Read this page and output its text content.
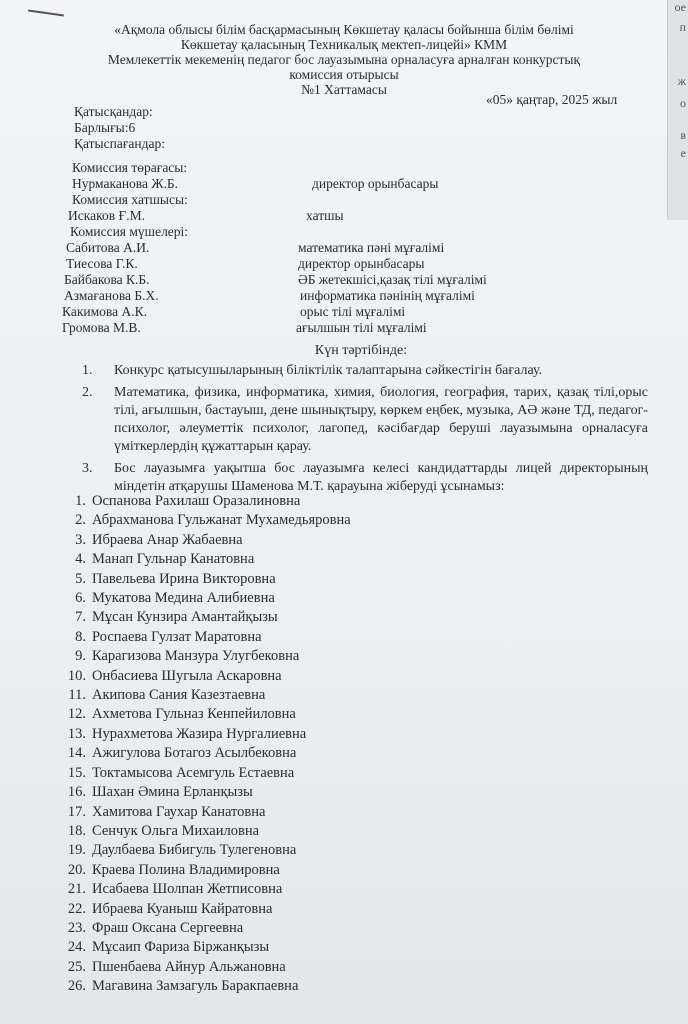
ое
п
ж
о
в
е
«Ақмола облысы білім басқармасының Көкшетау қаласы бойынша білім бөлімі
Көкшетау қаласының Техникалық мектеп-лицейі» КММ
Мемлекеттік мекеменің педагог бос лауазымына орналасуға арналған конкурстық
комиссия отырысы
№1 Хаттамасы
«05» қаңтар, 2025 жыл
Қатысқандар:
Барлығы:6
Қатыспағандар:
Комиссия төрағасы:
Нурмаканова Ж.Б.	директор орынбасары
Комиссия хатшысы:
Искаков Ғ.М.	хатшы
Комиссия мүшелері:
Сабитова А.И.	математика пәні мұғалімі
Тиесова Г.К.	директор орынбасары
Байбакова К.Б.	ӘБ жетекшісі,қазақ тілі мұғалімі
Азмағанова Б.Х.	информатика пәнінің мұғалімі
Какимова А.К.	орыс тілі мұғалімі
Громова М.В.	ағылшын тілі мұғалімі
Күн тәртібінде:
1.	Конкурс қатысушыларының біліктілік талаптарына сәйкестігін бағалау.
2.	Математика, физика, информатика, химия, биология, география, тарих, қазақ тілі,орыс тілі, ағылшын, бастауыш, дене шынықтыру, көркем еңбек, музыка, АӘ және ТД, педагог-психолог, әлеуметтік психолог, лагопед, кәсібағдар беруші лауазымына орналасуға үміткерлердің құжаттарын қарау.
3.	Бос лауазымға уақытша бос лауазымға келесі кандидаттарды лицей директорының міндетін атқарушы Шаменова М.Т. қарауына жіберуді ұсынамыз:
1. Оспанова Рахилаш Оразалиновна
2. Абрахманова Гульжанат Мухамедьяровна
3. Ибраева Анар Жабаевна
4. Манап Гульнар Канатовна
5. Павельева Ирина Викторовна
6. Мукатова Медина Алибиевна
7. Мұсан Кунзира Амантайқызы
8. Роспаева Гулзат Маратовна
9. Карагизова Манзура Улугбековна
10. Онбасиева Шугыла Аскаровна
11. Акипова Сания Казезтаевна
12. Ахметова Гульназ Кенпейиловна
13. Нурахметова Жазира Нургалиевна
14. Ажигулова Ботагоз Асылбековна
15. Токтамысова Асемгуль Естаевна
16. Шахан Әмина Ерланқызы
17. Хамитова Гаухар Канатовна
18. Сенчук Ольга Михаиловна
19. Даулбаева Бибигуль Тулегеновна
20. Краева Полина Владимировна
21. Исабаева Шолпан Жетписовна
22. Ибраева Куаныш Кайратовна
23. Фраш Оксана Сергеевна
24. Мұсаип Фариза Біржанқызы
25. Пшенбаева Айнур Альжановна
26. Магавина Замзагуль Баракпаевна
